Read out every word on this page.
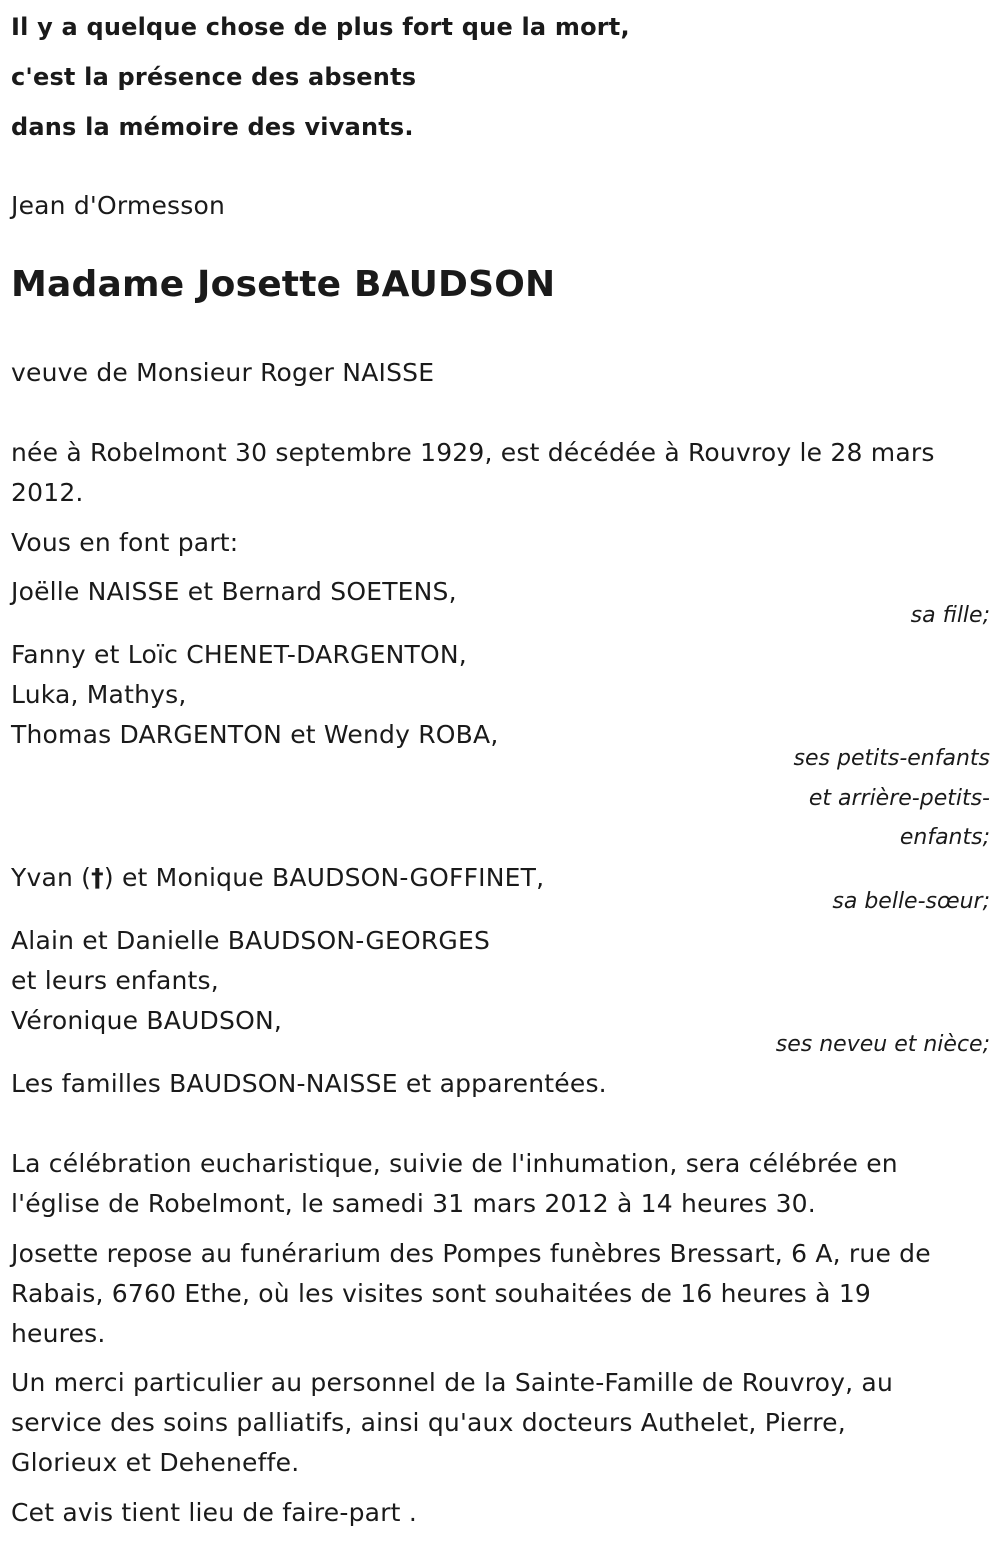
Il y a quelque chose de plus fort que la mort,

c'est la présence des absents

dans la mémoire des vivants.

Jean d'Ormesson

Madame Josette BAUDSON

veuve de Monsieur Roger NAISSE

née à Robelmont 30 septembre 1929, est décédée à Rouvroy le 28 mars

2012.

Vous en font part:

Joëlle NAISSE et Bernard SOETENS,

sa fille;

Fanny et Loïc CHENET-DARGENTON,

Luka, Mathys,

Thomas DARGENTON et Wendy ROBA,

ses petits-enfants

et arrière-petits-

enfants;

Yvan (†) et Monique BAUDSON-GOFFINET,

sa belle-sœur;

Alain et Danielle BAUDSON-GEORGES

et leurs enfants,

Véronique BAUDSON,

ses neveu et nièce;

Les familles BAUDSON-NAISSE et apparentées.

La célébration eucharistique, suivie de l'inhumation, sera célébrée en

l'église de Robelmont, le samedi 31 mars 2012 à 14 heures 30.

Josette repose au funérarium des Pompes funèbres Bressart, 6 A, rue de

Rabais, 6760 Ethe, où les visites sont souhaitées de 16 heures à 19

heures.

Un merci particulier au personnel de la Sainte-Famille de Rouvroy, au

service des soins palliatifs, ainsi qu'aux docteurs Authelet, Pierre,

Glorieux et Deheneffe.

Cet avis tient lieu de faire-part .
